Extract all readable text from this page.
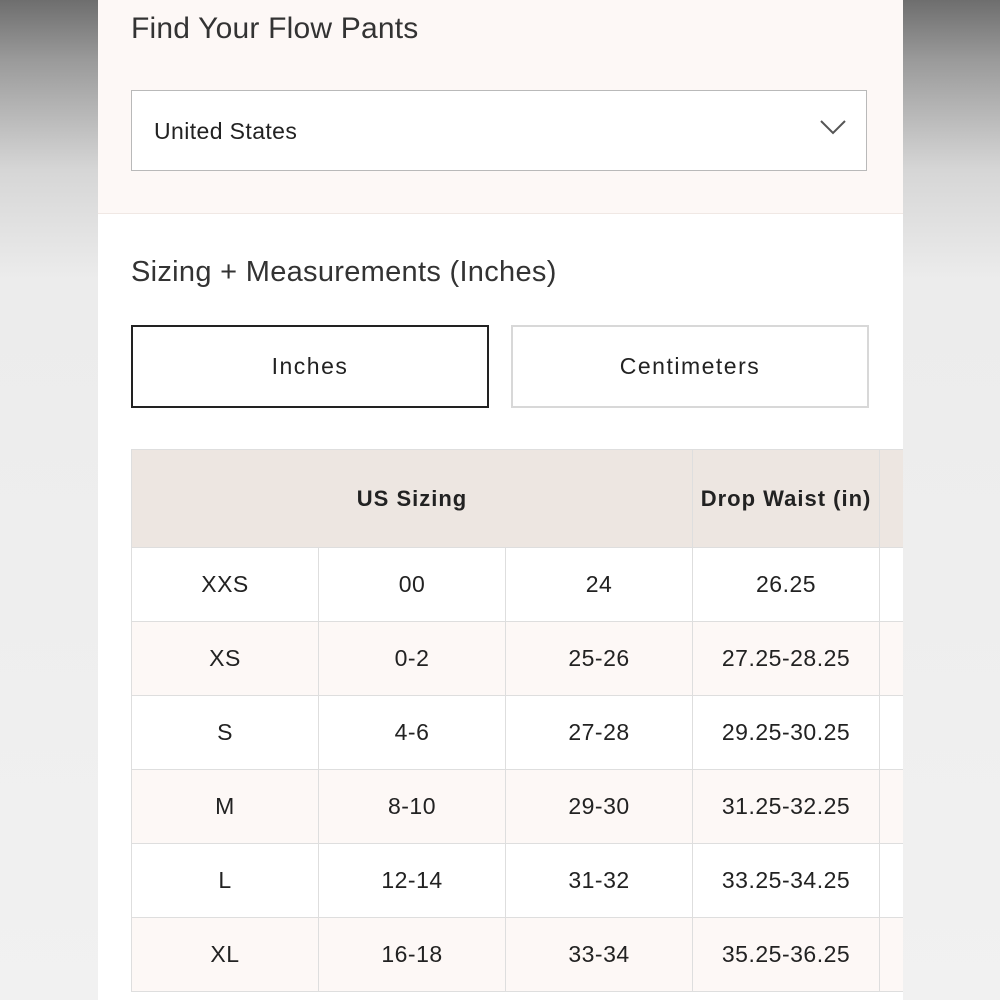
Find Your Flow Pants
United States
Sizing + Measurements (Inches)
Inches	Centimeters
US Sizing			Drop Waist (in)	
XXS	00	24	26.25	
XS	0-2	25-26	27.25-28.25	
S	4-6	27-28	29.25-30.25	
M	8-10	29-30	31.25-32.25	
L	12-14	31-32	33.25-34.25	
XL	16-18	33-34	35.25-36.25	
